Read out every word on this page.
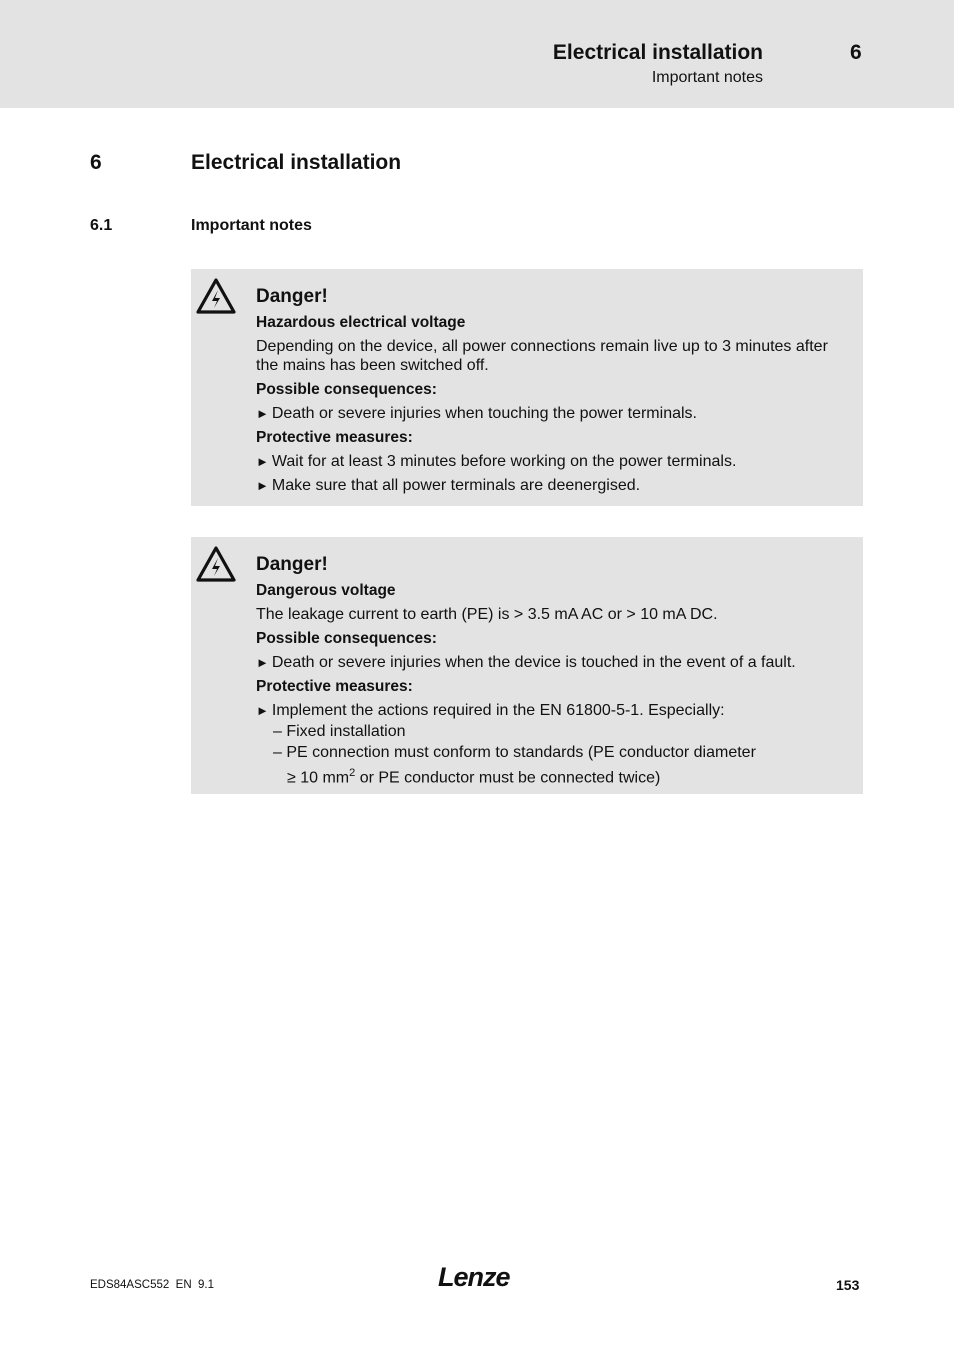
Electrical installation
Important notes
6
6	Electrical installation
6.1	Important notes
Danger!
Hazardous electrical voltage
Depending on the device, all power connections remain live up to 3 minutes after the mains has been switched off.
Possible consequences:
► Death or severe injuries when touching the power terminals.
Protective measures:
► Wait for at least 3 minutes before working on the power terminals.
► Make sure that all power terminals are deenergised.
Danger!
Dangerous voltage
The leakage current to earth (PE) is > 3.5 mA AC or > 10 mA DC.
Possible consequences:
► Death or severe injuries when the device is touched in the event of a fault.
Protective measures:
► Implement the actions required in the EN 61800-5-1. Especially:
– Fixed installation
– PE connection must conform to standards (PE conductor diameter
≥ 10 $mm^2$ or PE conductor must be connected twice)
EDS84ASC552  EN  9.1	Lenze	153
